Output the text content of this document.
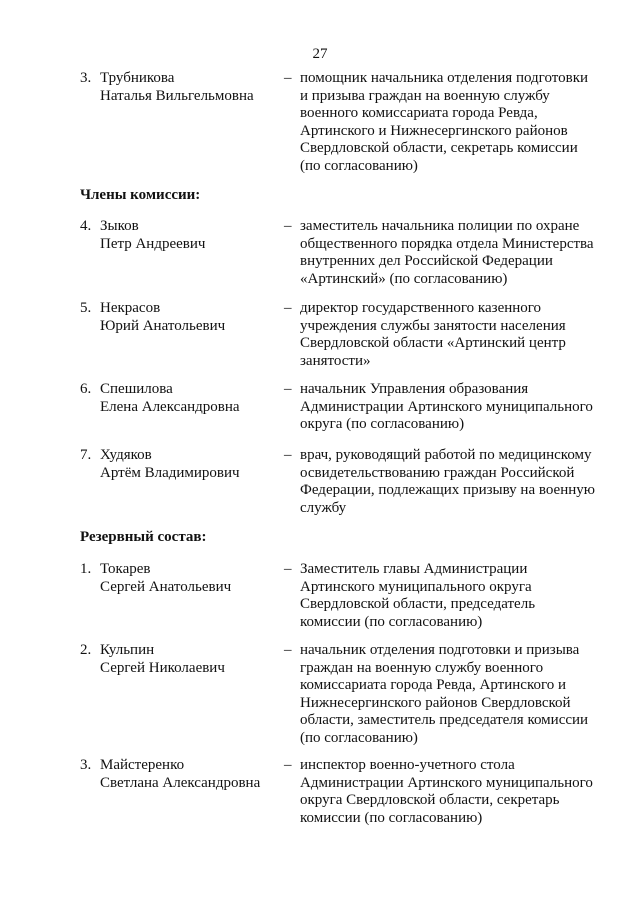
27
3. Трубникова
Наталья Вильгельмовна
– помощник начальника отделения подготовки
и призыва граждан на военную службу
военного комиссариата города Ревда,
Артинского и Нижнесергинского районов
Свердловской области, секретарь комиссии
(по согласованию)
Члены комиссии:
4. Зыков
Петр Андреевич
– заместитель начальника полиции по охране
общественного порядка отдела Министерства
внутренних дел Российской Федерации
«Артинский» (по согласованию)
5. Некрасов
Юрий Анатольевич
– директор государственного казенного
учреждения службы занятости населения
Свердловской области «Артинский центр
занятости»
6. Спешилова
Елена Александровна
– начальник Управления образования
Администрации Артинского муниципального
округа (по согласованию)
7. Худяков
Артём Владимирович
– врач, руководящий работой по медицинскому
освидетельствованию граждан Российской
Федерации, подлежащих призыву на военную
службу
Резервный состав:
1. Токарев
Сергей Анатольевич
– Заместитель главы Администрации
Артинского муниципального округа
Свердловской области, председатель
комиссии (по согласованию)
2. Кульпин
Сергей Николаевич
– начальник отделения подготовки и призыва
граждан на военную службу военного
комиссариата города Ревда, Артинского и
Нижнесергинского районов Свердловской
области, заместитель председателя комиссии
(по согласованию)
3. Майстеренко
Светлана Александровна
– инспектор военно-учетного стола
Администрации Артинского муниципального
округа Свердловской области, секретарь
комиссии (по согласованию)
